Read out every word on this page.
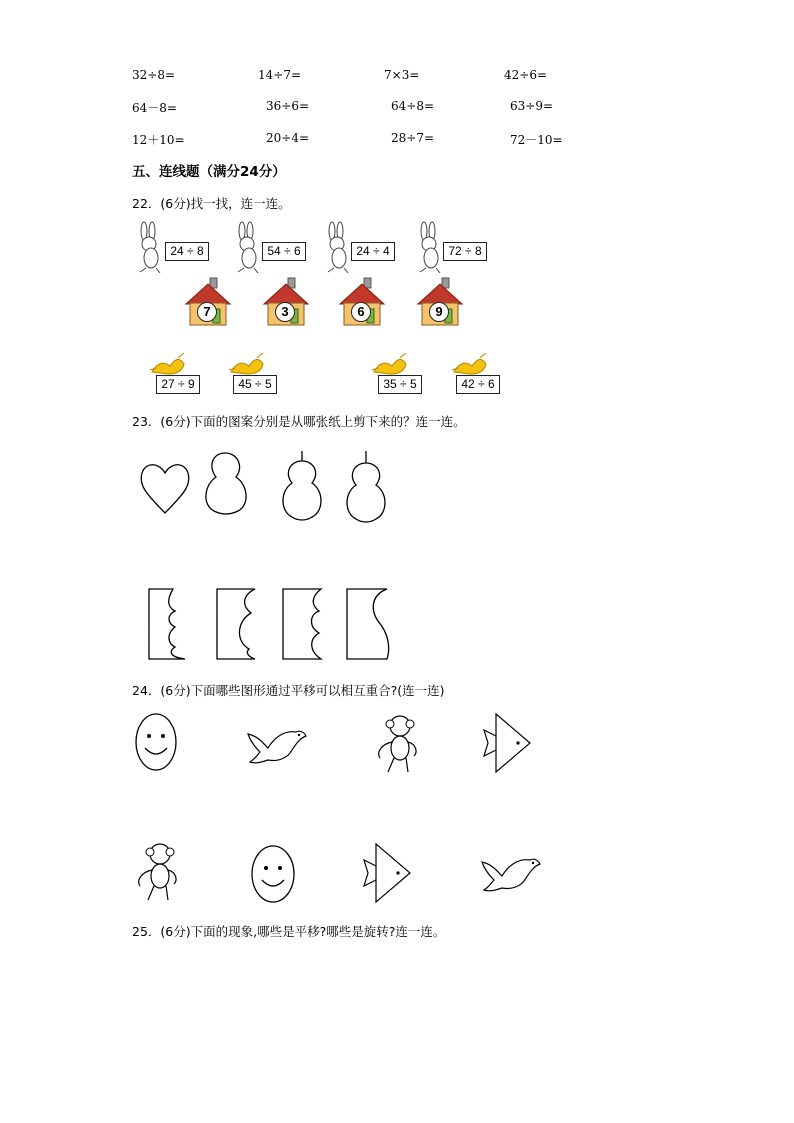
32÷8=	14÷7=	7×3=	42÷6=
64－8=	36÷6=	64÷8=	63÷9=
12＋10=	20÷4=	28÷7=	72－10=
五、连线题（满分24分）
22．(6分)找一找，连一连。
24 ÷ 8	54 ÷ 6	24 ÷ 4	72 ÷ 8
7	3	6	9
27 ÷ 9	45 ÷ 5	35 ÷ 5	42 ÷ 6
23．(6分)下面的图案分别是从哪张纸上剪下来的？连一连。
24．(6分)下面哪些图形通过平移可以相互重合?(连一连)
25．(6分)下面的现象,哪些是平移?哪些是旋转?连一连。
